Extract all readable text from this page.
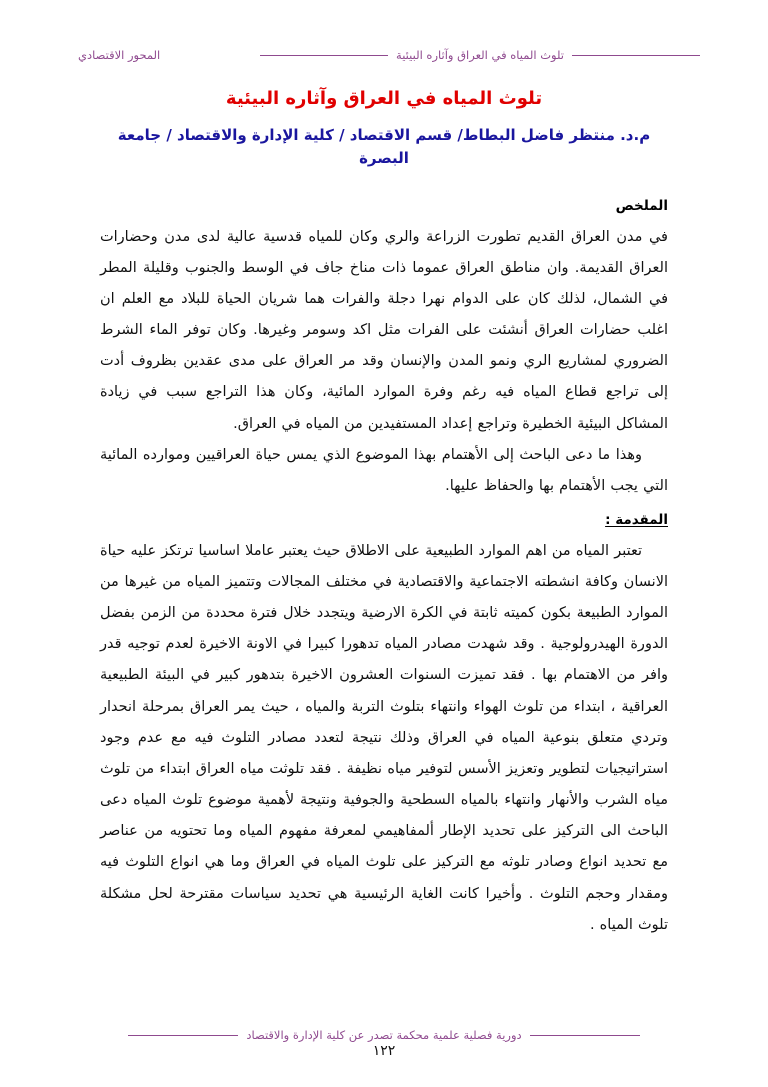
تلوث المياه في العراق وآثاره البيئية
المحور الاقتصادي
تلوث المياه في العراق وآثاره البيئية
م.د. منتظر فاضل البطاط/ قسم الاقتصاد / كلية الإدارة والاقتصاد / جامعة
البصرة
الملخص

في مدن العراق القديم تطورت الزراعة والري وكان للمياه قدسية عالية لدى مدن وحضارات العراق القديمة. وان مناطق العراق عموما ذات مناخ جاف في الوسط والجنوب وقليلة المطر في الشمال، لذلك كان على الدوام نهرا دجلة والفرات هما شريان الحياة للبلاد مع العلم ان اغلب حضارات العراق أنشئت على الفرات مثل اكد وسومر وغيرها. وكان توفر الماء الشرط الضروري لمشاريع الري ونمو المدن والإنسان وقد مر العراق على مدى عقدين بظروف أدت إلى تراجع قطاع المياه فيه رغم وفرة الموارد المائية، وكان هذا التراجع سبب في زيادة المشاكل البيئية الخطيرة وتراجع إعداد المستفيدين من المياه في العراق.

وهذا ما دعى الباحث إلى الأهتمام بهذا الموضوع الذي يمس حياة العراقيين وموارده المائية التي يجب الأهتمام بها والحفاظ عليها.

المقدمة :

تعتبر المياه من اهم الموارد الطبيعية على الاطلاق حيث يعتبر عاملا اساسيا ترتكز عليه حياة الانسان وكافة انشطته الاجتماعية والاقتصادية في مختلف المجالات وتتميز المياه من غيرها من الموارد الطبيعة بكون كميته ثابتة في الكرة الارضية ويتجدد خلال فترة محددة من الزمن بفضل الدورة الهيدرولوجية . وقد شهدت مصادر المياه تدهورا كبيرا في الاونة الاخيرة لعدم توجيه قدر وافر من الاهتمام بها . فقد تميزت السنوات العشرون الاخيرة بتدهور كبير في البيئة الطبيعية العراقية ، ابتداء من تلوث الهواء وانتهاء بتلوث التربة والمياه ، حيث يمر العراق بمرحلة انحدار وتردي متعلق بنوعية المياه في العراق وذلك نتيجة لتعدد مصادر التلوث فيه مع عدم وجود استراتيجيات لتطوير وتعزيز الأسس لتوفير مياه نظيفة . فقد تلوثت مياه العراق ابتداء من تلوث مياه الشرب والأنهار وانتهاء بالمياه السطحية والجوفية ونتيجة لأهمية موضوع تلوث المياه دعى الباحث الى التركيز على تحديد الإطار ألمفاهيمي لمعرفة مفهوم المياه وما تحتويه من عناصر مع تحديد انواع وصادر تلوثه مع التركيز على تلوث المياه في العراق وما هي انواع التلوث فيه ومقدار وحجم التلوث . وأخيرا كانت الغاية الرئيسية هي تحديد سياسات مقترحة لحل مشكلة تلوث المياه .

دورية فصلية علمية محكمة تصدر عن كلية الإدارة والاقتصاد
١٢٢
